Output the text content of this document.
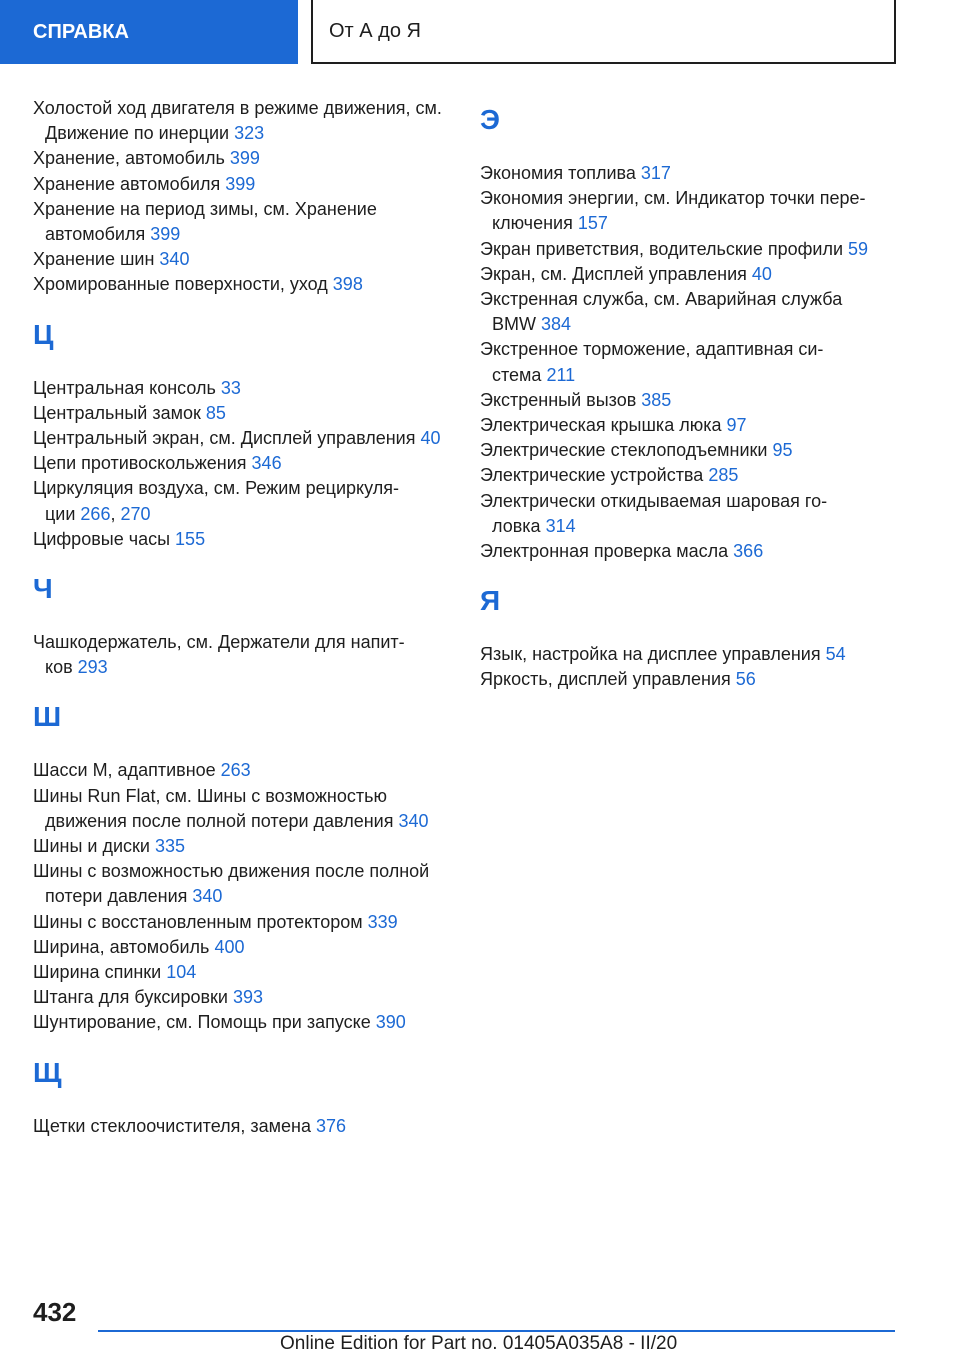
СПРАВКА	От А до Я
Холостой ход двигателя в режиме движения, см. Движение по инерции 323
Хранение, автомобиль 399
Хранение автомобиля 399
Хранение на период зимы, см. Хранение автомобиля 399
Хранение шин 340
Хромированные поверхности, уход 398
Ц
Центральная консоль 33
Центральный замок 85
Центральный экран, см. Дисплей управления 40
Цепи противоскольжения 346
Циркуляция воздуха, см. Режим рециркуляции 266, 270
Цифровые часы 155
Ч
Чашкодержатель, см. Держатели для напитков 293
Ш
Шасси M, адаптивное 263
Шины Run Flat, см. Шины с возможностью движения после полной потери давления 340
Шины и диски 335
Шины с возможностью движения после полной потери давления 340
Шины с восстановленным протектором 339
Ширина, автомобиль 400
Ширина спинки 104
Штанга для буксировки 393
Шунтирование, см. Помощь при запуске 390
Щ
Щетки стеклоочистителя, замена 376
Э
Экономия топлива 317
Экономия энергии, см. Индикатор точки переключения 157
Экран приветствия, водительские профили 59
Экран, см. Дисплей управления 40
Экстренная служба, см. Аварийная служба BMW 384
Экстренное торможение, адаптивная система 211
Экстренный вызов 385
Электрическая крышка люка 97
Электрические стеклоподъемники 95
Электрические устройства 285
Электрически откидываемая шаровая головка 314
Электронная проверка масла 366
Я
Язык, настройка на дисплее управления 54
Яркость, дисплей управления 56
432
Online Edition for Part no. 01405A035A8 - II/20
